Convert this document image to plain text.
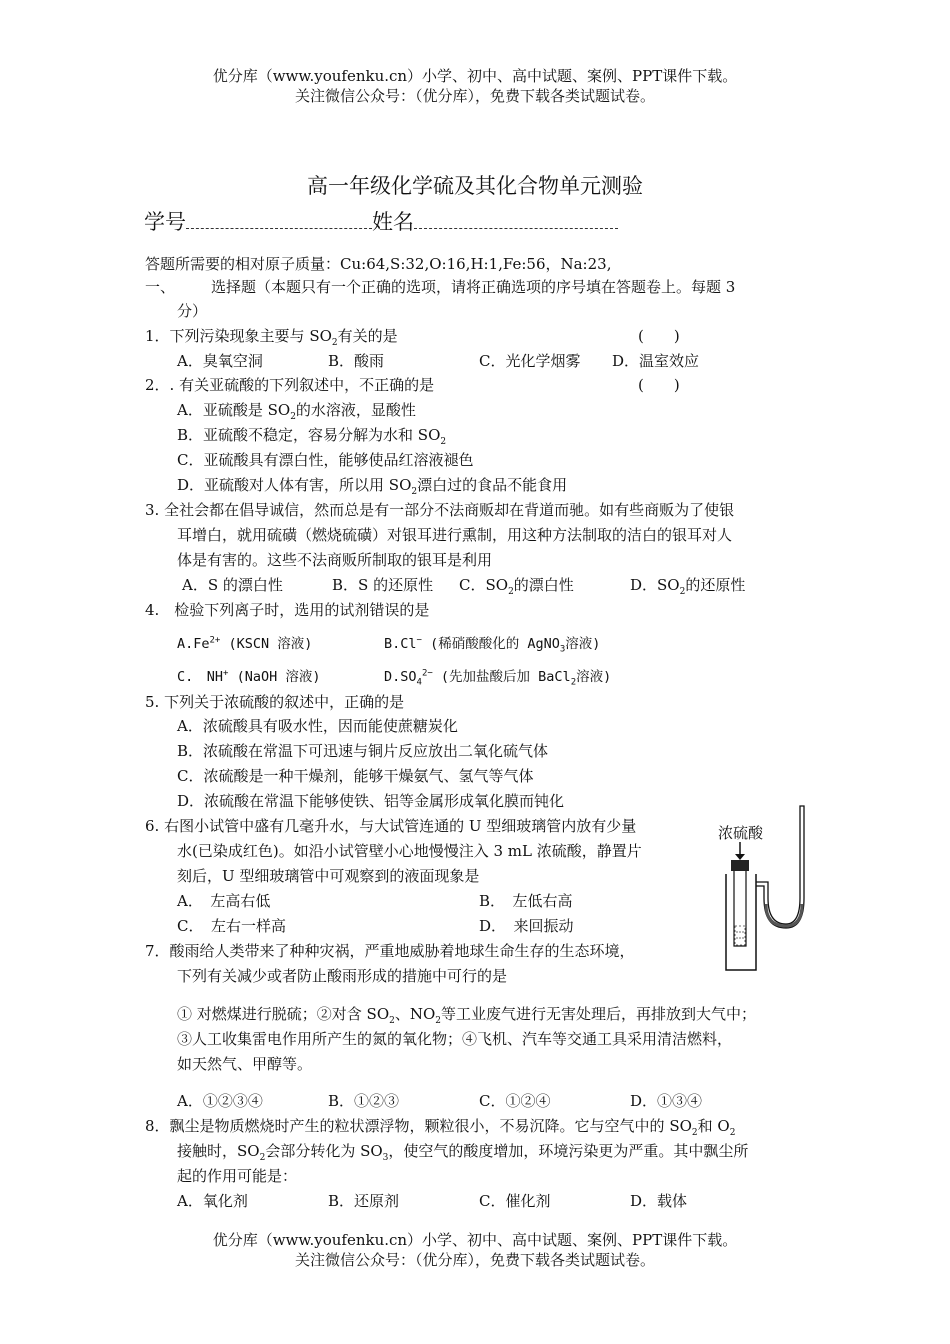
优分库（www.youfenku.cn）小学、初中、高中试题、案例、PPT课件下载。
关注微信公众号：（优分库），免费下载各类试题试卷。
高一年级化学硫及其化合物单元测验
学号	姓名
答题所需要的相对原子质量：Cu:64,S:32,O:16,H:1,Fe:56，Na:23,
一、 选择题（本题只有一个正确的选项，请将正确选项的序号填在答题卷上。每题 3
分）
1．下列污染现象主要与 $SO_2$有关的是	(　　)
A．臭氧空洞	B．酸雨	C．光化学烟雾 D．温室效应
2．. 有关亚硫酸的下列叙述中，不正确的是	(　　)
A．亚硫酸是 $SO_2$的水溶液，显酸性
B．亚硫酸不稳定，容易分解为水和 $SO_2$
C．亚硫酸具有漂白性，能够使品红溶液褪色
D．亚硫酸对人体有害，所以用 $SO_2$漂白过的食品不能食用
3. 全社会都在倡导诚信，然而总是有一部分不法商贩却在背道而驰。如有些商贩为了使银
耳增白，就用硫磺（燃烧硫磺）对银耳进行熏制，用这种方法制取的洁白的银耳对人
体是有害的。这些不法商贩所制取的银耳是利用
A．S 的漂白性	B．S 的还原性 C．$SO_2$的漂白性	D．$SO_2$的还原性
4.　检验下列离子时，选用的试剂错误的是
$A.Fe^{2+}$ (KSCN 溶液)	B.Cl− (稀硝酸酸化的 AgNO$_3$溶液)
C.　NH+ (NaOH 溶液)	$D.SO_4^{2-}$ (先加盐酸后加 BaCl$_2$溶液)
5. 下列关于浓硫酸的叙述中，正确的是
A．浓硫酸具有吸水性，因而能使蔗糖炭化
B．浓硫酸在常温下可迅速与铜片反应放出二氧化硫气体
C．浓硫酸是一种干燥剂，能够干燥氨气、氢气等气体
D．浓硫酸在常温下能够使铁、铝等金属形成氧化膜而钝化
6. 右图小试管中盛有几毫升水，与大试管连通的 U 型细玻璃管内放有少量
水(已染成红色)。如沿小试管壁小心地慢慢注入 3 mL 浓硫酸，静置片
刻后，U 型细玻璃管中可观察到的液面现象是
A．　左高右低	B．　左低右高
C．　左右一样高	D．　来回振动
浓硫酸
7．酸雨给人类带来了种种灾祸，严重地威胁着地球生命生存的生态环境，
下列有关减少或者防止酸雨形成的措施中可行的是
① 对燃煤进行脱硫；②对含 $SO_2$、$NO_2$等工业废气进行无害处理后，再排放到大气中；
③人工收集雷电作用所产生的氮的氧化物；④飞机、汽车等交通工具采用清洁燃料，
如天然气、甲醇等。
A．①②③④	B．①②③	C．①②④	D．①③④
8．飘尘是物质燃烧时产生的粒状漂浮物，颗粒很小，不易沉降。它与空气中的 $SO_2$和 $O_2$
接触时，$SO_2$会部分转化为 $SO_3$，使空气的酸度增加，环境污染更为严重。其中飘尘所
起的作用可能是：
A．氧化剂	B．还原剂	C．催化剂	D．载体
优分库（www.youfenku.cn）小学、初中、高中试题、案例、PPT课件下载。
关注微信公众号：（优分库），免费下载各类试题试卷。
